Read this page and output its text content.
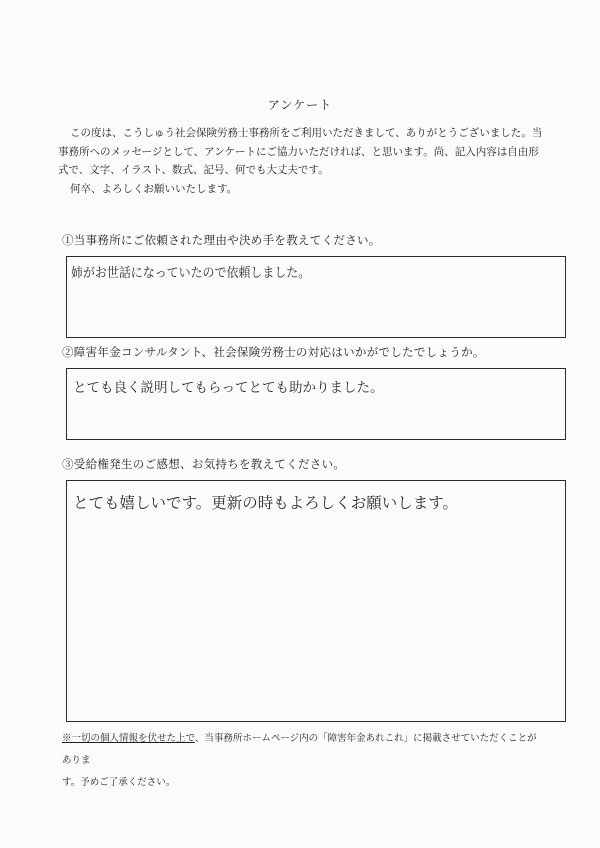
アンケート

この度は、こうしゅう社会保険労務士事務所をご利用いただきまして、ありがとうございました。当事務所へのメッセージとして、アンケートにご協力いただければ、と思います。尚、記入内容は自由形式で、文字、イラスト、数式、記号、何でも大丈夫です。

何卒、よろしくお願いいたします。

①当事務所にご依頼された理由や決め手を教えてください。
姉がお世話になっていたので依頼しました。
②障害年金コンサルタント、社会保険労務士の対応はいかがでしたでしょうか。
とても良く説明してもらってとても助かりました。
③受給権発生のご感想、お気持ちを教えてください。
とても嬉しいです。更新の時もよろしくお願いします。
※一切の個人情報を伏せた上で、当事務所ホームページ内の「障害年金あれこれ」に掲載させていただくことがありま
す。予めご了承ください。
